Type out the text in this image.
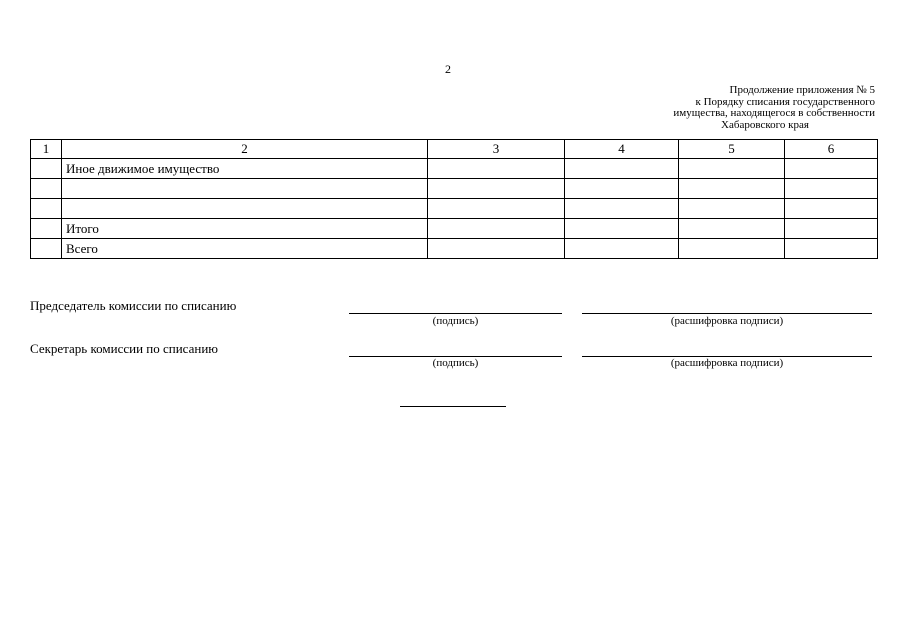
2
Продолжение приложения № 5
к Порядку списания государственного
имущества, находящегося в собственности
Хабаровского края
1	2	3	4	5	6
	Иное движимое имущество				

	Итого				
	Всего				
Председатель комиссии по списанию
(подпись)	(расшифровка подписи)
Секретарь комиссии по списанию
(подпись)	(расшифровка подписи)
